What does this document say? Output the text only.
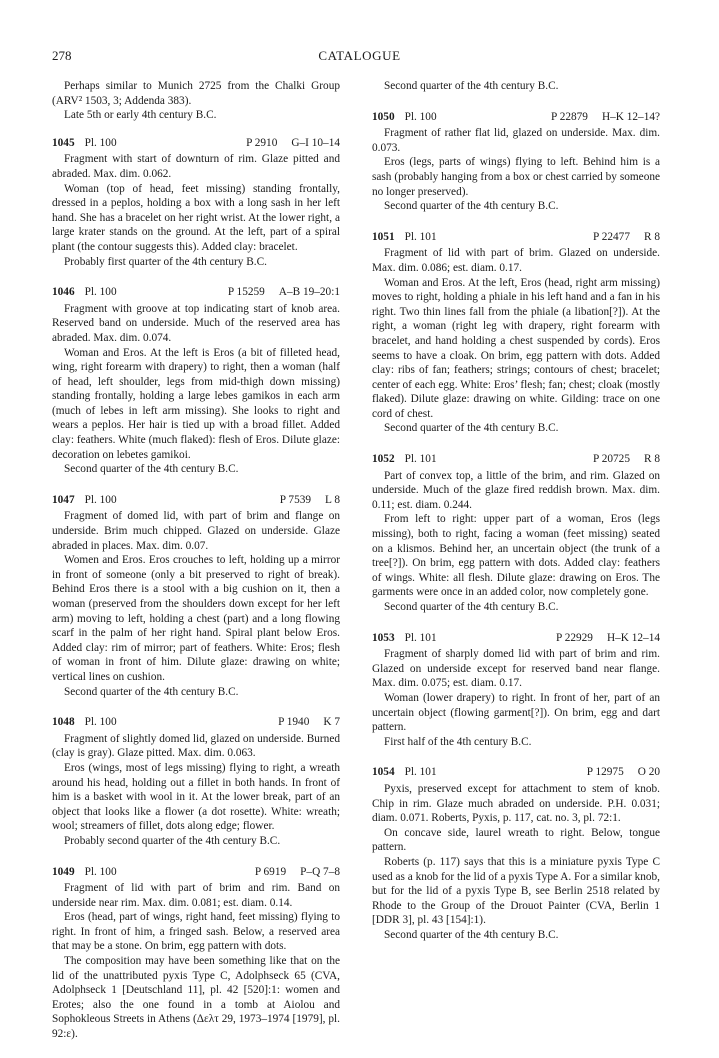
278	CATALOGUE

Perhaps similar to Munich 2725 from the Chalki Group (ARV² 1503, 3; Addenda 383).

Late 5th or early 4th century B.C.

1045 Pl. 100	P 2910 G–I 10–14

Fragment with start of downturn of rim. Glaze pitted and abraded. Max. dim. 0.062.

Woman (top of head, feet missing) standing frontally, dressed in a peplos, holding a box with a long sash in her left hand. She has a bracelet on her right wrist. At the lower right, a large krater stands on the ground. At the left, part of a spiral plant (the contour suggests this). Added clay: bracelet.

Probably first quarter of the 4th century B.C.

1046 Pl. 100	P 15259 A–B 19–20:1

Fragment with groove at top indicating start of knob area. Reserved band on underside. Much of the reserved area has abraded. Max. dim. 0.074.

Woman and Eros. At the left is Eros (a bit of filleted head, wing, right forearm with drapery) to right, then a woman (half of head, left shoulder, legs from mid-thigh down missing) standing frontally, holding a large lebes gamikos in each arm (much of lebes in left arm missing). She looks to right and wears a peplos. Her hair is tied up with a broad fillet. Added clay: feathers. White (much flaked): flesh of Eros. Dilute glaze: decoration on lebetes gamikoi.

Second quarter of the 4th century B.C.

1047 Pl. 100	P 7539 L 8

Fragment of domed lid, with part of brim and flange on underside. Brim much chipped. Glazed on underside. Glaze abraded in places. Max. dim. 0.07.

Women and Eros. Eros crouches to left, holding up a mirror in front of someone (only a bit preserved to right of break). Behind Eros there is a stool with a big cushion on it, then a woman (preserved from the shoulders down except for her left arm) moving to left, holding a chest (part) and a long flowing scarf in the palm of her right hand. Spiral plant below Eros. Added clay: rim of mirror; part of feathers. White: Eros; flesh of woman in front of him. Dilute glaze: drawing on white; vertical lines on cushion.

Second quarter of the 4th century B.C.

1048 Pl. 100	P 1940 K 7

Fragment of slightly domed lid, glazed on underside. Burned (clay is gray). Glaze pitted. Max. dim. 0.063.

Eros (wings, most of legs missing) flying to right, a wreath around his head, holding out a fillet in both hands. In front of him is a basket with wool in it. At the lower break, part of an object that looks like a flower (a dot rosette). White: wreath; wool; streamers of fillet, dots along edge; flower.

Probably second quarter of the 4th century B.C.

1049 Pl. 100	P 6919 P–Q 7–8

Fragment of lid with part of brim and rim. Band on underside near rim. Max. dim. 0.081; est. diam. 0.14.

Eros (head, part of wings, right hand, feet missing) flying to right. In front of him, a fringed sash. Below, a reserved area that may be a stone. On brim, egg pattern with dots.

The composition may have been something like that on the lid of the unattributed pyxis Type C, Adolphseck 65 (CVA, Adolphseck 1 [Deutschland 11], pl. 42 [520]:1: women and Erotes; also the one found in a tomb at Aiolou and Sophokleous Streets in Athens (Δελτ 29, 1973–1974 [1979], pl. 92:ε).

Second quarter of the 4th century B.C.

1050 Pl. 100	P 22879 H–K 12–14?

Fragment of rather flat lid, glazed on underside. Max. dim. 0.073.

Eros (legs, parts of wings) flying to left. Behind him is a sash (probably hanging from a box or chest carried by someone no longer preserved).

Second quarter of the 4th century B.C.

1051 Pl. 101	P 22477 R 8

Fragment of lid with part of brim. Glazed on underside. Max. dim. 0.086; est. diam. 0.17.

Woman and Eros. At the left, Eros (head, right arm missing) moves to right, holding a phiale in his left hand and a fan in his right. Two thin lines fall from the phiale (a libation[?]). At the right, a woman (right leg with drapery, right forearm with bracelet, and hand holding a chest suspended by cords). Eros seems to have a cloak. On brim, egg pattern with dots. Added clay: ribs of fan; feathers; strings; contours of chest; bracelet; center of each egg. White: Eros’ flesh; fan; chest; cloak (mostly flaked). Dilute glaze: drawing on white. Gilding: trace on one cord of chest.

Second quarter of the 4th century B.C.

1052 Pl. 101	P 20725 R 8

Part of convex top, a little of the brim, and rim. Glazed on underside. Much of the glaze fired reddish brown. Max. dim. 0.11; est. diam. 0.244.

From left to right: upper part of a woman, Eros (legs missing), both to right, facing a woman (feet missing) seated on a klismos. Behind her, an uncertain object (the trunk of a tree[?]). On brim, egg pattern with dots. Added clay: feathers of wings. White: all flesh. Dilute glaze: drawing on Eros. The garments were once in an added color, now completely gone.

Second quarter of the 4th century B.C.

1053 Pl. 101	P 22929 H–K 12–14

Fragment of sharply domed lid with part of brim and rim. Glazed on underside except for reserved band near flange. Max. dim. 0.075; est. diam. 0.17.

Woman (lower drapery) to right. In front of her, part of an uncertain object (flowing garment[?]). On brim, egg and dart pattern.

First half of the 4th century B.C.

1054 Pl. 101	P 12975 O 20

Pyxis, preserved except for attachment to stem of knob. Chip in rim. Glaze much abraded on underside. P.H. 0.031; diam. 0.071. Roberts, Pyxis, p. 117, cat. no. 3, pl. 72:1.

On concave side, laurel wreath to right. Below, tongue pattern.

Roberts (p. 117) says that this is a miniature pyxis Type C used as a knob for the lid of a pyxis Type A. For a similar knob, but for the lid of a pyxis Type B, see Berlin 2518 related by Rhode to the Group of the Drouot Painter (CVA, Berlin 1 [DDR 3], pl. 43 [154]:1).

Second quarter of the 4th century B.C.
